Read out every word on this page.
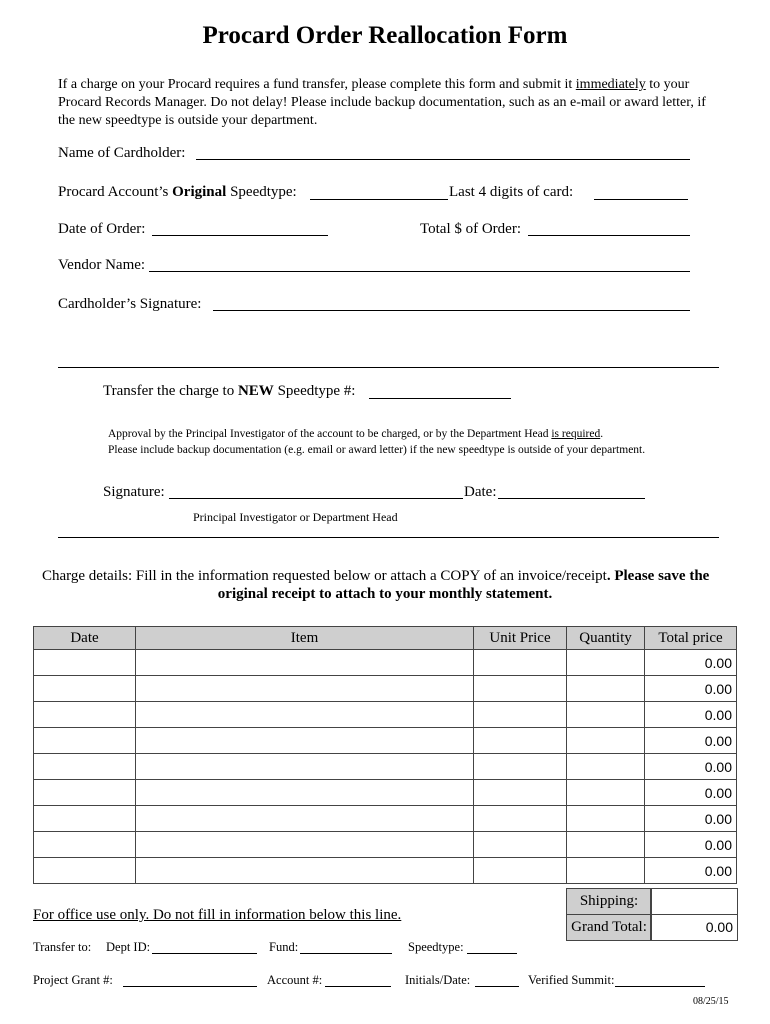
Procard Order Reallocation Form
If a charge on your Procard requires a fund transfer, please complete this form and submit it immediately to your Procard Records Manager. Do not delay! Please include backup documentation, such as an e-mail or award letter, if the new speedtype is outside your department.
Name of Cardholder:
Procard Account’s Original Speedtype:	Last 4 digits of card:
Date of Order:	Total $ of Order:
Vendor Name:
Cardholder’s Signature:
Transfer the charge to NEW Speedtype #:
Approval by the Principal Investigator of the account to be charged, or by the Department Head is required.
Please include backup documentation (e.g. email or award letter) if the new speedtype is outside of your department.
Signature:	Date:
Principal Investigator or Department Head
Charge details: Fill in the information requested below or attach a COPY of an invoice/receipt. Please save the
original receipt to attach to your monthly statement.
Date	Item	Unit Price	Quantity	Total price
				0.00
				0.00
				0.00
				0.00
				0.00
				0.00
				0.00
				0.00
				0.00
Shipping:
Grand Total:	0.00
For office use only. Do not fill in information below this line.
Transfer to: Dept ID:	Fund:	Speedtype:
Project Grant #:	Account #:	Initials/Date:	Verified Summit:
08/25/15
